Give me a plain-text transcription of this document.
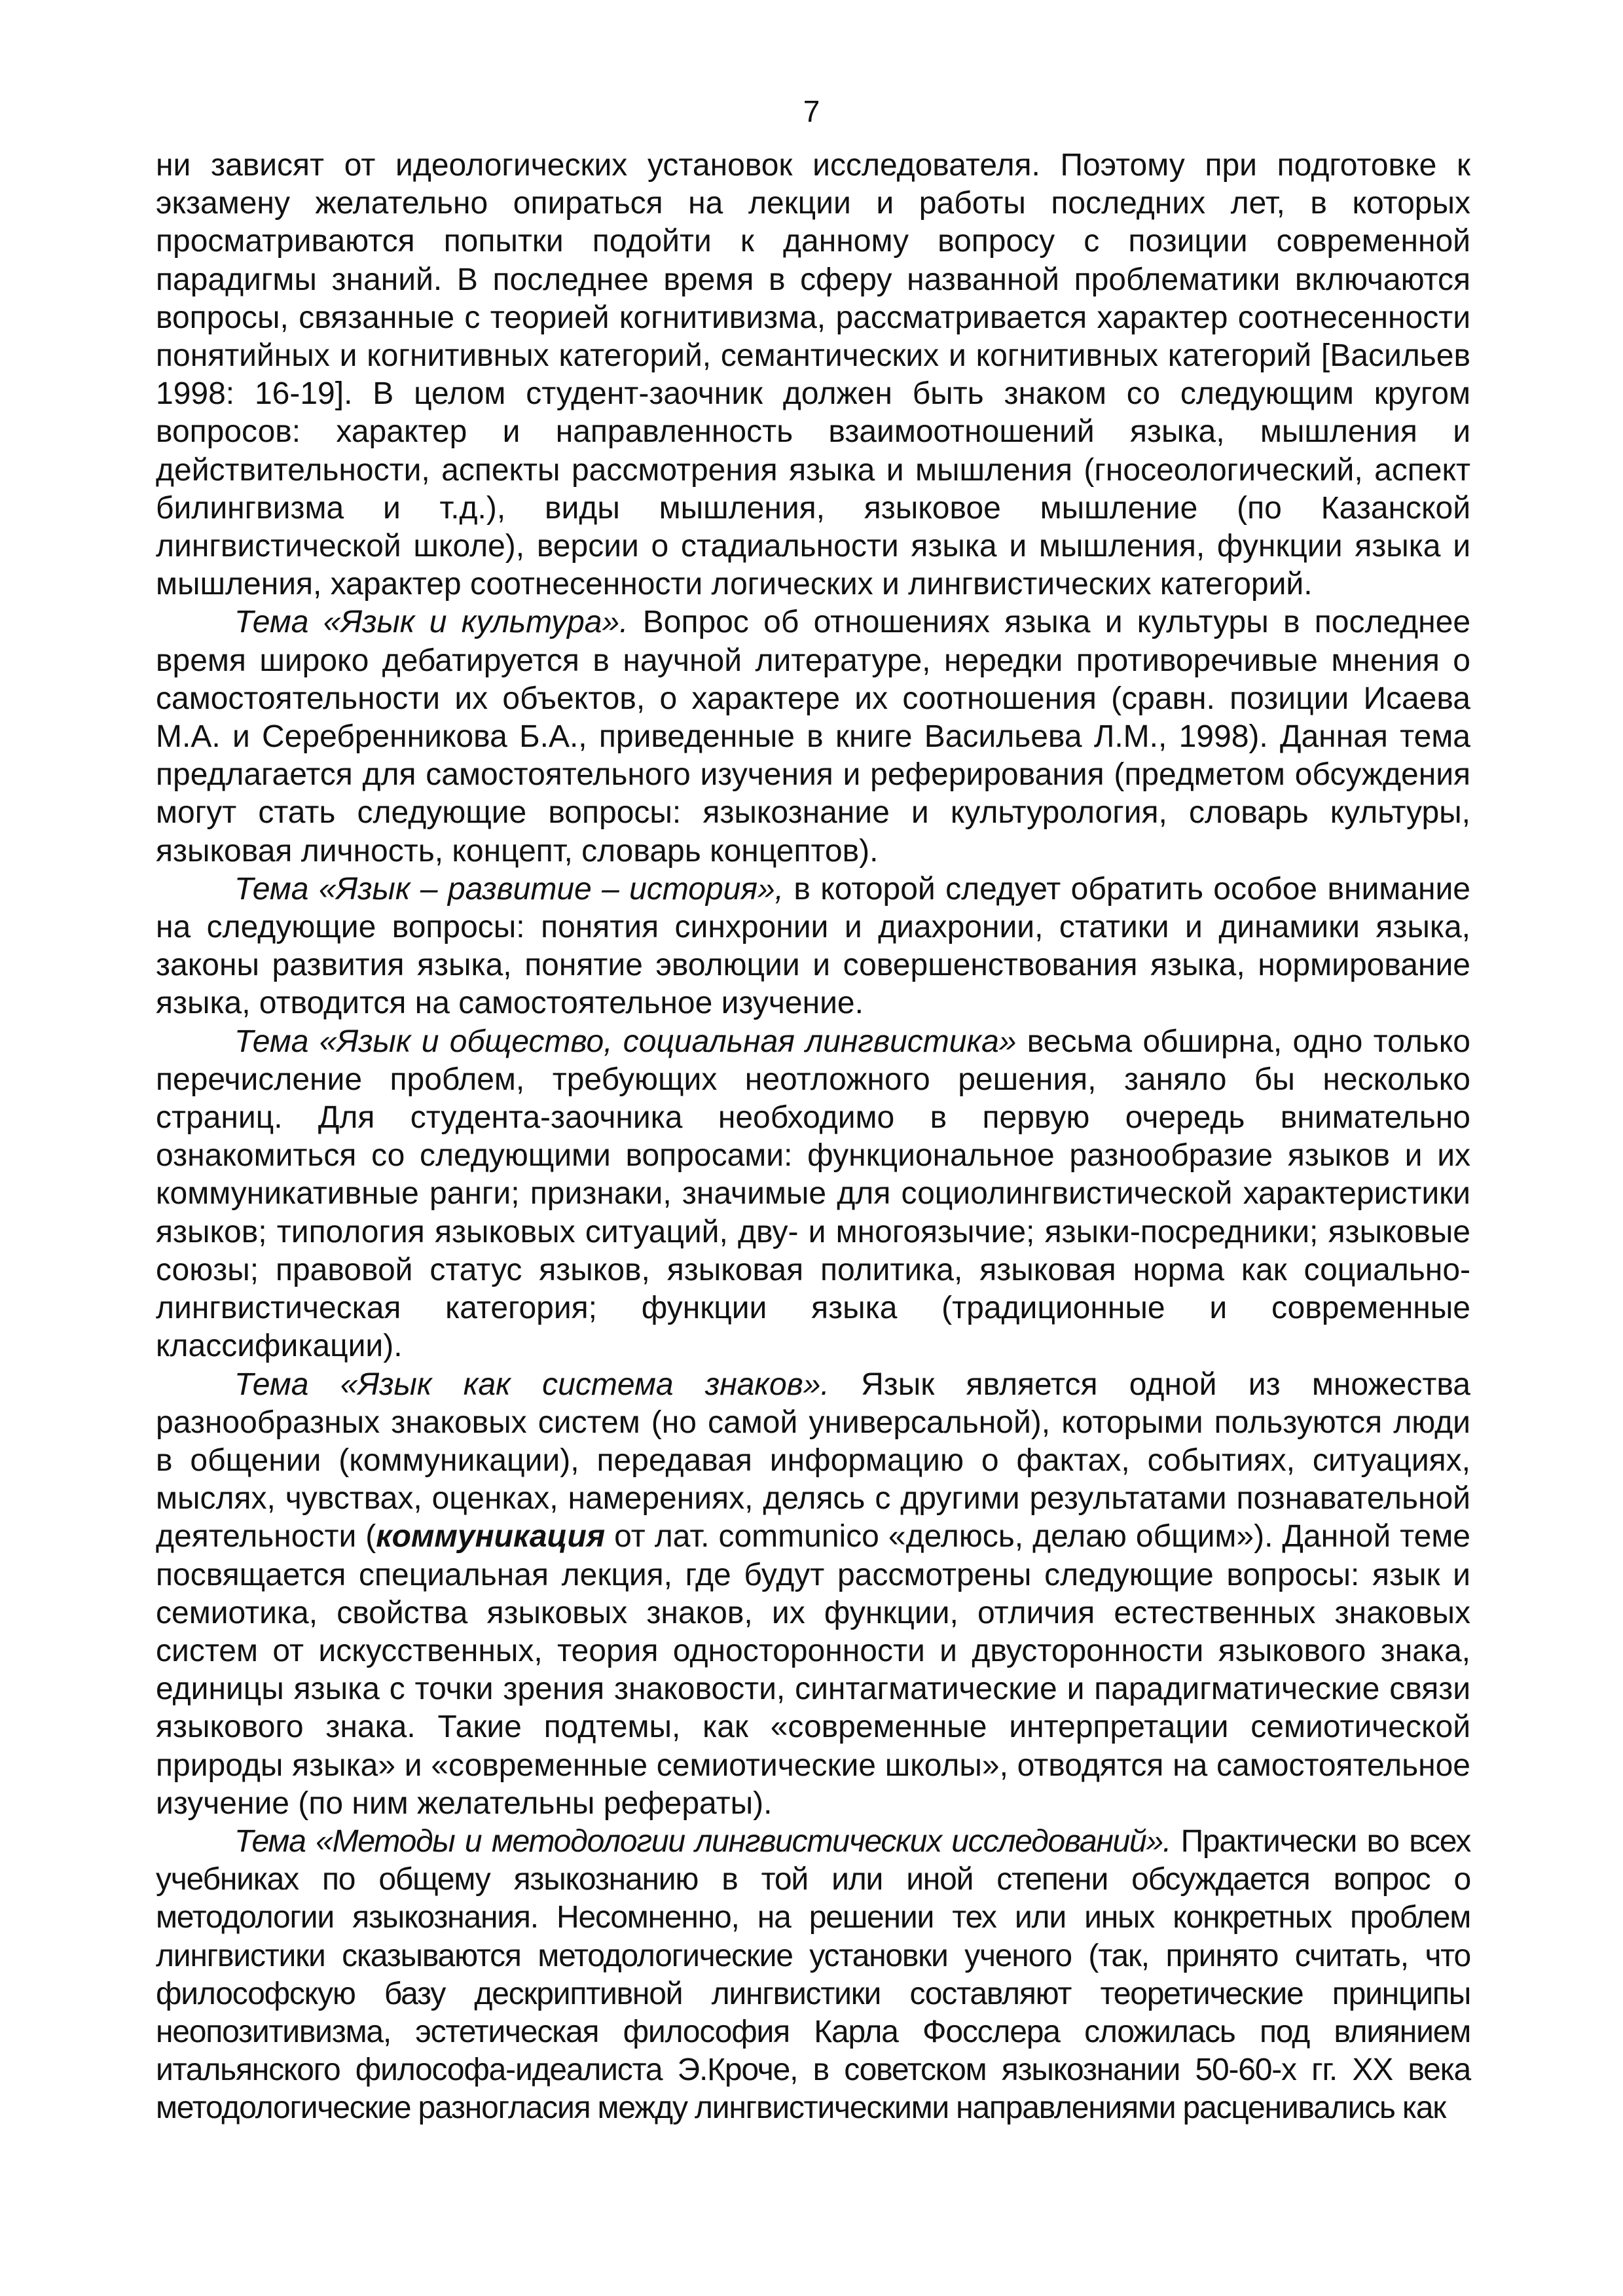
7

ни зависят от идеологических установок исследователя. Поэтому при подготовке к экзамену желательно опираться на лекции и работы последних лет, в которых просматриваются попытки подойти к данному вопросу с позиции современной парадигмы знаний. В последнее время в сферу названной проблематики включаются вопросы, связанные с теорией когнитивизма, рассматривается характер соотнесенности понятийных и когнитивных категорий, семантических и когнитивных категорий [Васильев 1998: 16-19]. В целом студент-заочник должен быть знаком со следующим кругом вопросов: характер и направленность взаимоотношений языка, мышления и действительности, аспекты рассмотрения языка и мышления (гносеологический, аспект билингвизма и т.д.), виды мышления, языковое мышление (по Казанской лингвистической школе), версии о стадиальности языка и мышления, функции языка и мышления, характер соотнесенности логических и лингвистических категорий.

Тема «Язык и культура». Вопрос об отношениях языка и культуры в последнее время широко дебатируется в научной литературе, нередки противоречивые мнения о самостоятельности их объектов, о характере их соотношения (сравн. позиции Исаева М.А. и Серебренникова Б.А., приведенные в книге Васильева Л.М., 1998). Данная тема предлагается для самостоятельного изучения и реферирования (предметом обсуждения могут стать следующие вопросы: языкознание и культурология, словарь культуры, языковая личность, концепт, словарь концептов).

Тема «Язык – развитие – история», в которой следует обратить особое внимание на следующие вопросы: понятия синхронии и диахронии, статики и динамики языка, законы развития языка, понятие эволюции и совершенствования языка, нормирование языка, отводится на самостоятельное изучение.

Тема «Язык и общество, социальная лингвистика» весьма обширна, одно только перечисление проблем, требующих неотложного решения, заняло бы несколько страниц. Для студента-заочника необходимо в первую очередь внимательно ознакомиться со следующими вопросами: функциональное разнообразие языков и их коммуникативные ранги; признаки, значимые для социолингвистической характеристики языков; типология языковых ситуаций, дву- и многоязычие; языки-посредники; языковые союзы; правовой статус языков, языковая политика, языковая норма как социально-лингвистическая категория; функции языка (традиционные и современные классификации).

Тема «Язык как система знаков». Язык является одной из множества разнообразных знаковых систем (но самой универсальной), которыми пользуются люди в общении (коммуникации), передавая информацию о фактах, событиях, ситуациях, мыслях, чувствах, оценках, намерениях, делясь с другими результатами познавательной деятельности (коммуникация от лат. communico «делюсь, делаю общим»). Данной теме посвящается специальная лекция, где будут рассмотрены следующие вопросы: язык и семиотика, свойства языковых знаков, их функции, отличия естественных знаковых систем от искусственных, теория односторонности и двусторонности языкового знака, единицы языка с точки зрения знаковости, синтагматические и парадигматические связи языкового знака. Такие подтемы, как «современные интерпретации семиотической природы языка» и «современные семиотические школы», отводятся на самостоятельное изучение (по ним желательны рефераты).

Тема «Методы и методологии лингвистических исследований». Практически во всех учебниках по общему языкознанию в той или иной степени обсуждается вопрос о методологии языкознания. Несомненно, на решении тех или иных конкретных проблем лингвистики сказываются методологические установки ученого (так, принято считать, что философскую базу дескриптивной лингвистики составляют теоретические принципы неопозитивизма, эстетическая философия Карла Фосслера сложилась под влиянием итальянского философа-идеалиста Э.Кроче, в советском языкознании 50-60-х гг. XX века методологические разногласия между лингвистическими направлениями расценивались как
